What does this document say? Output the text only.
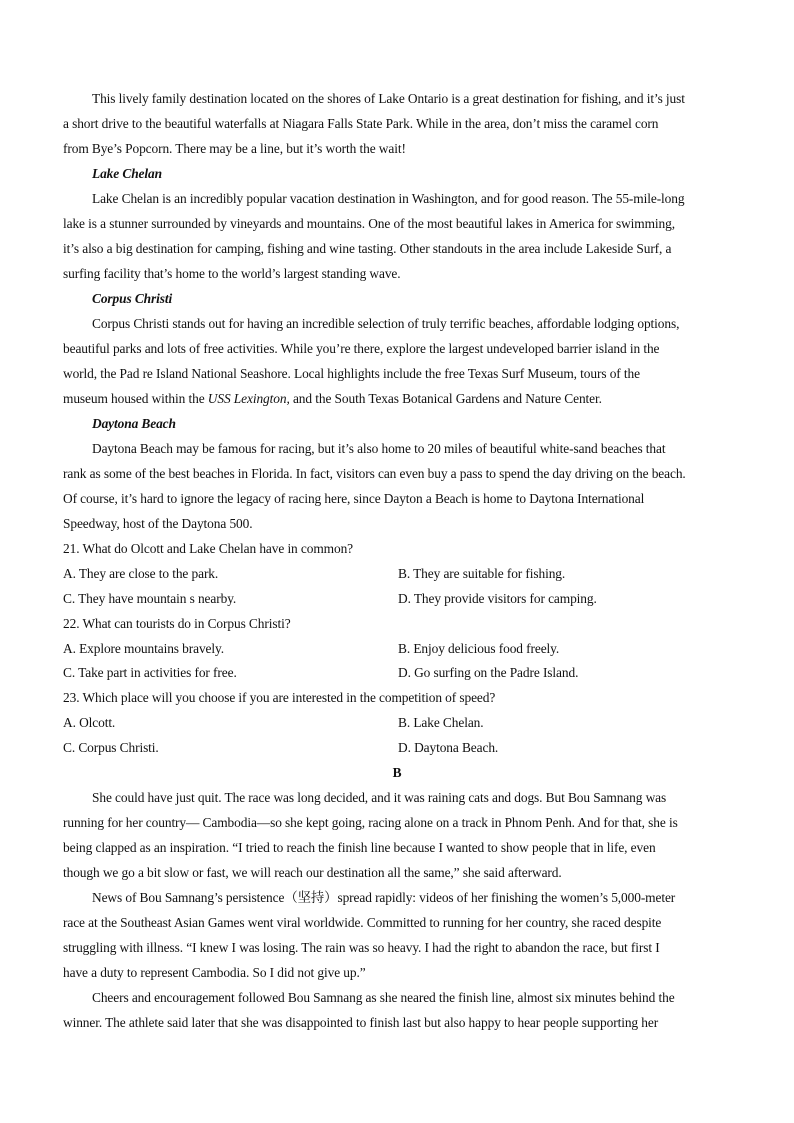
This lively family destination located on the shores of Lake Ontario is a great destination for fishing, and it’s just
a short drive to the beautiful waterfalls at Niagara Falls State Park. While in the area, don’t miss the caramel corn
from Bye’s Popcorn. There may be a line, but it’s worth the wait!
Lake Chelan
Lake Chelan is an incredibly popular vacation destination in Washington, and for good reason. The 55-mile-long
lake is a stunner surrounded by vineyards and mountains. One of the most beautiful lakes in America for swimming,
it’s also a big destination for camping, fishing and wine tasting. Other standouts in the area include Lakeside Surf, a
surfing facility that’s home to the world’s largest standing wave.
Corpus Christi
Corpus Christi stands out for having an incredible selection of truly terrific beaches, affordable lodging options,
beautiful parks and lots of free activities. While you’re there, explore the largest undeveloped barrier island in the
world, the Pad re Island National Seashore. Local highlights include the free Texas Surf Museum, tours of the
museum housed within the USS Lexington, and the South Texas Botanical Gardens and Nature Center.
Daytona Beach
Daytona Beach may be famous for racing, but it’s also home to 20 miles of beautiful white-sand beaches that
rank as some of the best beaches in Florida. In fact, visitors can even buy a pass to spend the day driving on the beach.
Of course, it’s hard to ignore the legacy of racing here, since Dayton a Beach is home to Daytona International
Speedway, host of the Daytona 500.
21. What do Olcott and Lake Chelan have in common?
A. They are close to the park.	B. They are suitable for fishing.
C. They have mountain s nearby.	D. They provide visitors for camping.
22. What can tourists do in Corpus Christi?
A. Explore mountains bravely.	B. Enjoy delicious food freely.
C. Take part in activities for free.	D. Go surfing on the Padre Island.
23. Which place will you choose if you are interested in the competition of speed?
A. Olcott.	B. Lake Chelan.
C. Corpus Christi.	D. Daytona Beach.
B
She could have just quit. The race was long decided, and it was raining cats and dogs. But Bou Samnang was
running for her country— Cambodia—so she kept going, racing alone on a track in Phnom Penh. And for that, she is
being clapped as an inspiration. “I tried to reach the finish line because I wanted to show people that in life, even
though we go a bit slow or fast, we will reach our destination all the same,” she said afterward.
News of Bou Samnang’s persistence（坚持）spread rapidly: videos of her finishing the women’s 5,000-meter
race at the Southeast Asian Games went viral worldwide. Committed to running for her country, she raced despite
struggling with illness. “I knew I was losing. The rain was so heavy. I had the right to abandon the race, but first I
have a duty to represent Cambodia. So I did not give up.”
Cheers and encouragement followed Bou Samnang as she neared the finish line, almost six minutes behind the
winner. The athlete said later that she was disappointed to finish last but also happy to hear people supporting her
